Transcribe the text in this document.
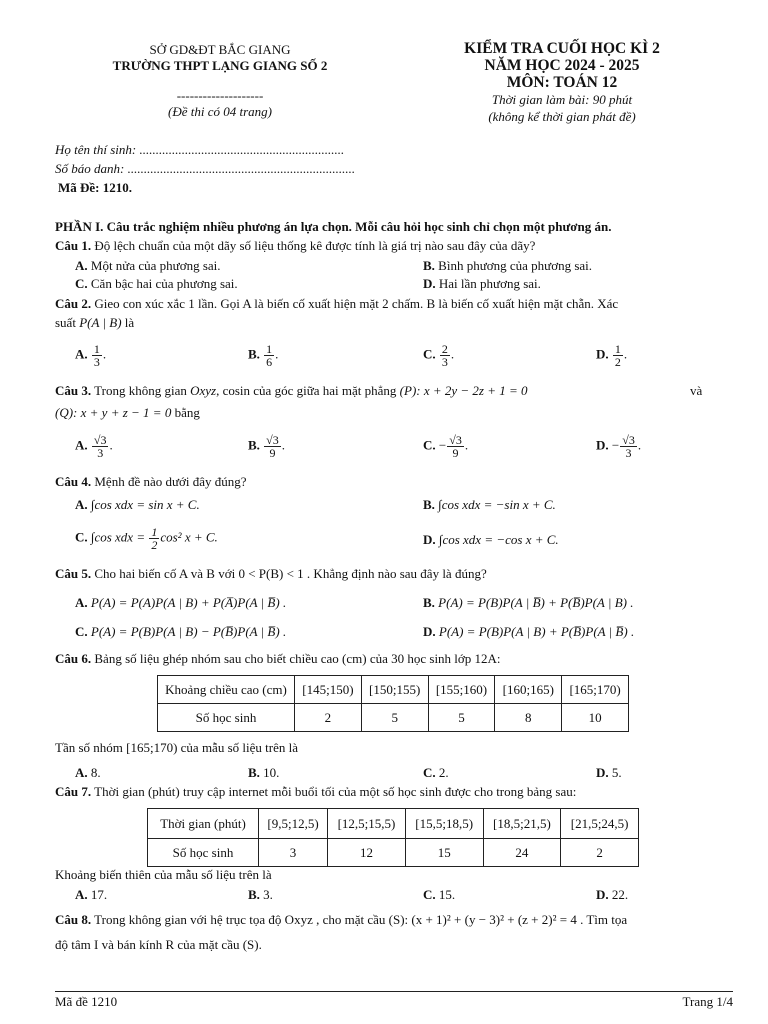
SỞ GD&ĐT BẮC GIANG
TRƯỜNG THPT LẠNG GIANG SỐ 2
--------------------
(Đề thi có 04 trang)
KIỂM TRA CUỐI HỌC KÌ 2
NĂM HỌC 2024 - 2025
MÔN: TOÁN 12
Thời gian làm bài: 90 phút
(không kể thời gian phát đề)
Họ tên thí sinh: ...............................................................
Số báo danh: ......................................................................
Mã Đề: 1210.
PHẦN I. Câu trắc nghiệm nhiều phương án lựa chọn. Mỗi câu hỏi học sinh chỉ chọn một phương án.
Câu 1. Độ lệch chuẩn của một dãy số liệu thống kê được tính là giá trị nào sau đây của dãy?
A. Một nửa của phương sai.	B. Bình phương của phương sai.
C. Căn bậc hai của phương sai.	D. Hai lần phương sai.
Câu 2. Gieo con xúc xắc 1 lần. Gọi A là biến cố xuất hiện mặt 2 chấm. B là biến cố xuất hiện mặt chẵn. Xác
suất P(A | B) là
A. $\frac{1}{3}$ .	B. $\frac{1}{6}$ .	C. $\frac{2}{3}$ .	D. $\frac{1}{2}$ .
Câu 3. Trong không gian Oxyz, cosin của góc giữa hai mặt phẳng (P): x + 2y − 2z + 1 = 0	và
(Q): x + y + z − 1 = 0 bằng
A. $\frac{√3}{3}$ .	B. $\frac{√3}{9}$ .	C. − $\frac{√3}{9}$ .	D. − $\frac{√3}{3}$ .
Câu 4. Mệnh đề nào dưới đây đúng?
A. ∫cos xdx = sin x + C.	B. ∫cos xdx = −sin x + C.
C. ∫cos xdx = $\frac{1}{2} \cos^2$ x + C.	D. ∫cos xdx = −cos x + C.
Câu 5. Cho hai biến cố A và B với 0 < P(B) < 1 . Khẳng định nào sau đây là đúng?
A. P(A) = P(A)P(A | B) + P(A̅)P(A | B̅) .	B. P(A) = P(B)P(A | B̅) + P(B̅)P(A | B) .
C. P(A) = P(B)P(A | B) − P(B̅)P(A | B̅) .	D. P(A) = P(B)P(A | B) + P(B̅)P(A | B̅) .
Câu 6. Bảng số liệu ghép nhóm sau cho biết chiều cao (cm) của 30 học sinh lớp 12A:
Khoảng chiều cao (cm)	[145;150)	[150;155)	[155;160)	[160;165)	[165;170)
Số học sinh	2	5	5	8	10
Tần số nhóm [165;170) của mẫu số liệu trên là
A. 8.	B. 10.	C. 2.	D. 5.
Câu 7. Thời gian (phút) truy cập internet mỗi buổi tối của một số học sinh được cho trong bảng sau:
Thời gian (phút)	[9,5;12,5)	[12,5;15,5)	[15,5;18,5)	[18,5;21,5)	[21,5;24,5)
Số học sinh	3	12	15	24	2
Khoảng biến thiên của mẫu số liệu trên là
A. 17.	B. 3.	C. 15.	D. 22.
Câu 8. Trong không gian với hệ trục tọa độ Oxyz , cho mặt cầu (S): (x + 1)² + (y − 3)² + (z + 2)² = 4 . Tìm tọa
độ tâm I và bán kính R của mặt cầu (S).
Mã đề 1210	Trang 1/4
